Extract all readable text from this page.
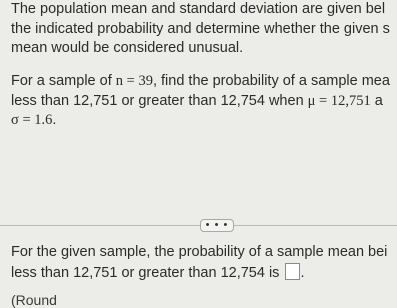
The population mean and standard deviation are given bel
the indicated probability and determine whether the given s
mean would be considered unusual.

For a sample of n = 39, find the probability of a sample mea
less than 12,751 or greater than 12,754 when μ = 12,751 a
σ = 1.6.

• • •

For the given sample, the probability of a sample mean bei
less than 12,751 or greater than 12,754 is .

(Round
